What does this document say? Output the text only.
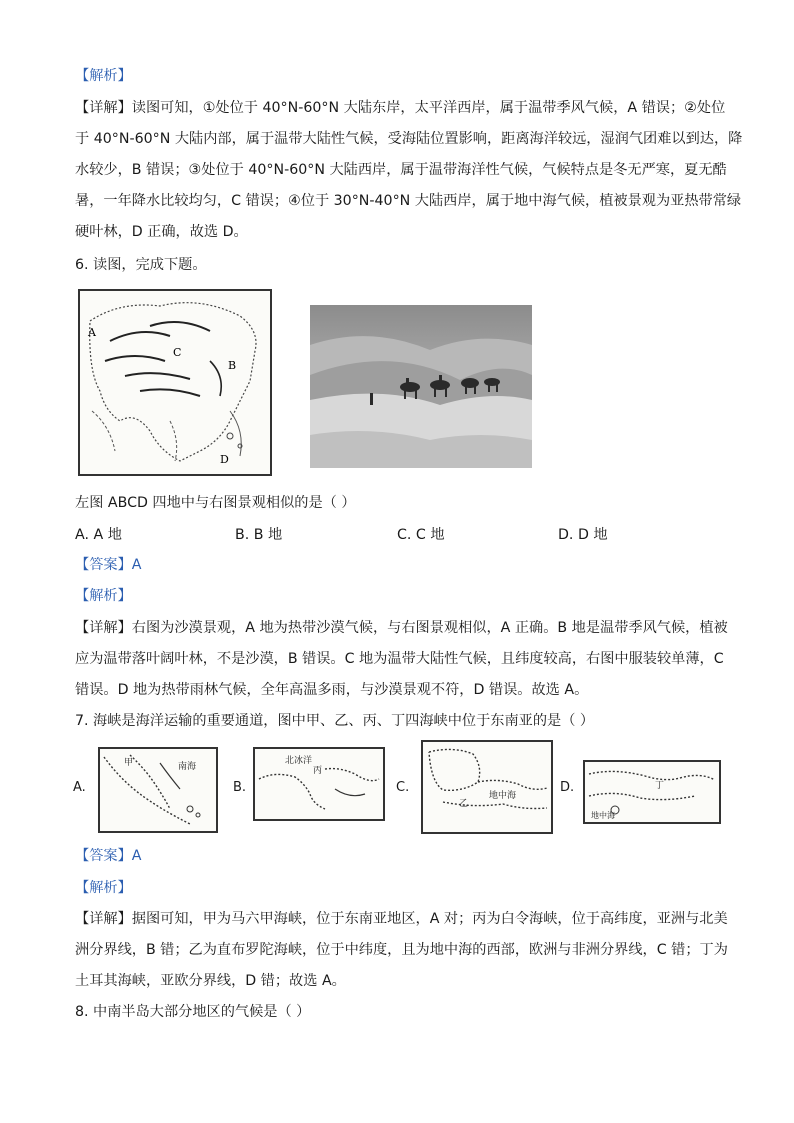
【解析】
【详解】读图可知，①处位于 40°N-60°N 大陆东岸，太平洋西岸，属于温带季风气候，A 错误；②处位
于 40°N-60°N 大陆内部，属于温带大陆性气候，受海陆位置影响，距离海洋较远，湿润气团难以到达，降
水较少，B 错误；③处位于 40°N-60°N 大陆西岸，属于温带海洋性气候，气候特点是冬无严寒，夏无酷
暑，一年降水比较均匀，C 错误；④位于 30°N-40°N 大陆西岸，属于地中海气候，植被景观为亚热带常绿
硬叶林，D 正确，故选 D。
6. 读图，完成下题。
C
B
A
D
左图 ABCD 四地中与右图景观相似的是（ ）
A. A 地	B. B 地	C. C 地	D. D 地
【答案】A
【解析】
【详解】右图为沙漠景观，A 地为热带沙漠气候，与右图景观相似，A 正确。B 地是温带季风气候，植被
应为温带落叶阔叶林，不是沙漠，B 错误。C 地为温带大陆性气候，且纬度较高，右图中服装较单薄，C
错误。D 地为热带雨林气候，全年高温多雨，与沙漠景观不符，D 错误。故选 A。
7. 海峡是海洋运输的重要通道，图中甲、乙、丙、丁四海峡中位于东南亚的是（ ）
A.
南海
甲
B.
北冰洋
丙
C.
地中海
乙
D.	丁
地中海
【答案】A
【解析】
【详解】据图可知，甲为马六甲海峡，位于东南亚地区，A 对；丙为白令海峡，位于高纬度，亚洲与北美
洲分界线，B 错；乙为直布罗陀海峡，位于中纬度，且为地中海的西部，欧洲与非洲分界线，C 错；丁为
土耳其海峡，亚欧分界线，D 错；故选 A。
8. 中南半岛大部分地区的气候是（ ）
